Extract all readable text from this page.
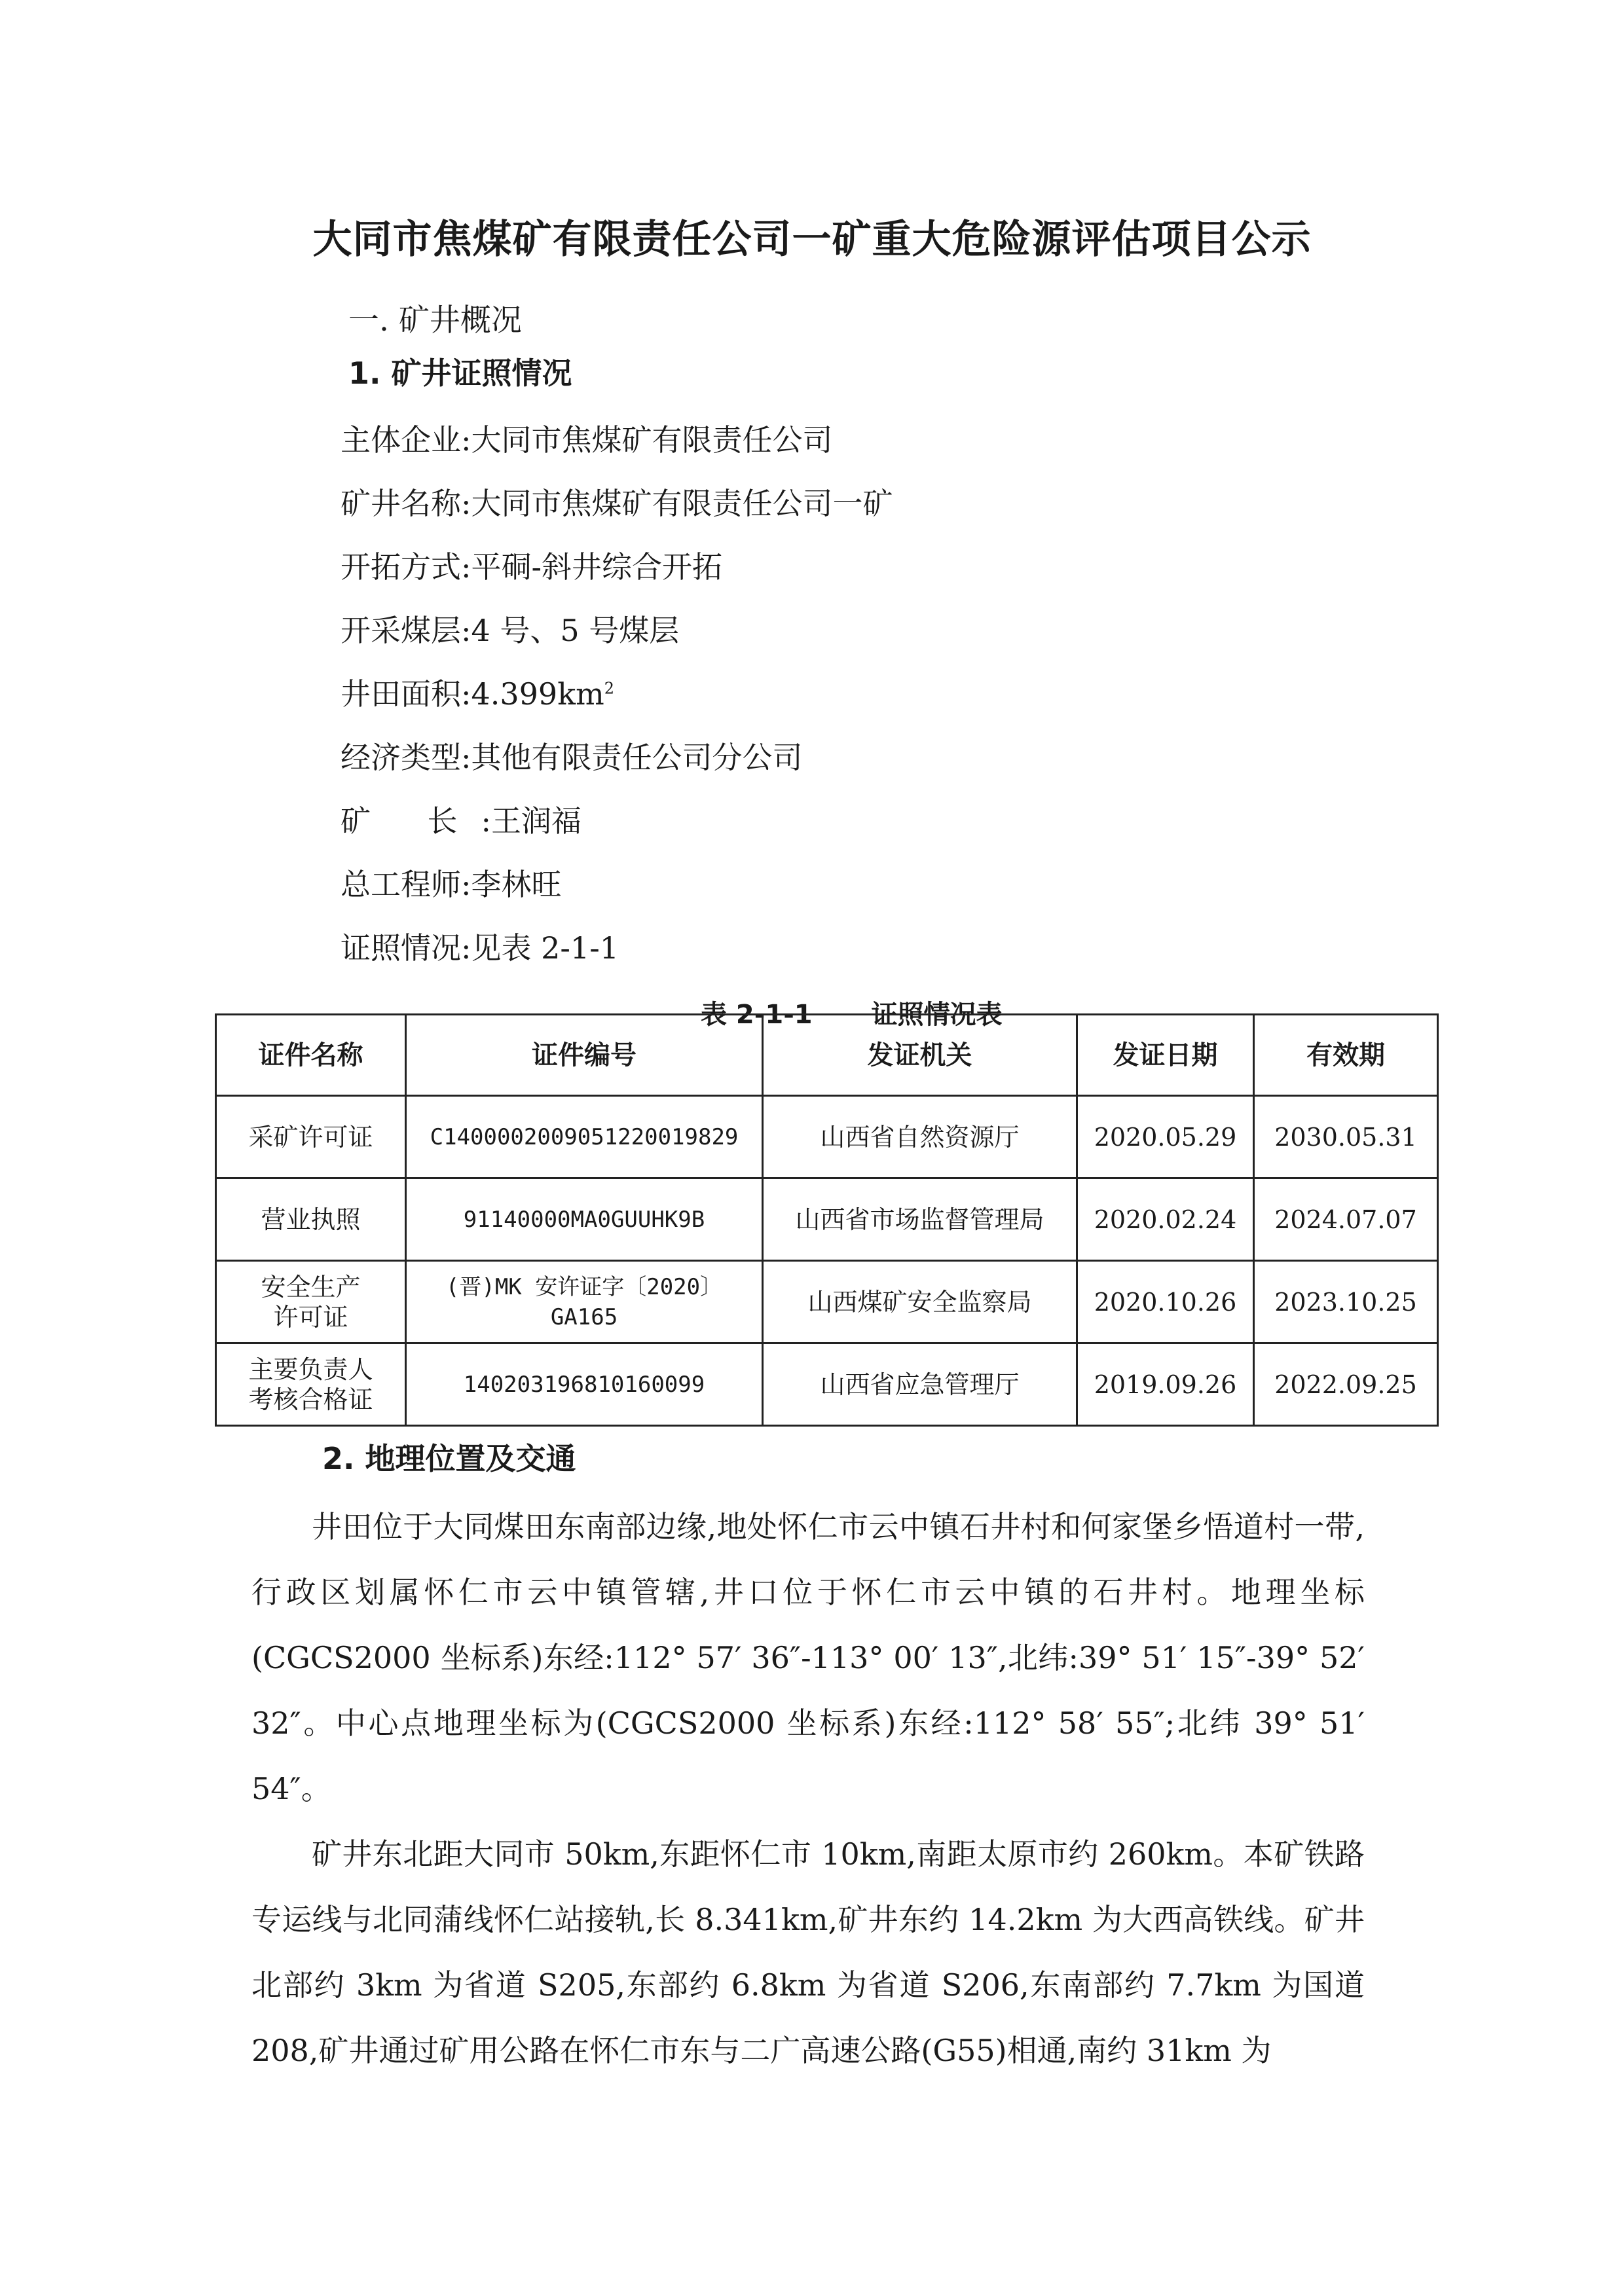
大同市焦煤矿有限责任公司一矿重大危险源评估项目公示
一. 矿井概况
1. 矿井证照情况
主体企业:大同市焦煤矿有限责任公司
矿井名称:大同市焦煤矿有限责任公司一矿
开拓方式:平硐-斜井综合开拓
开采煤层:4 号、5 号煤层
井田面积$:4.399km^2$
经济类型:其他有限责任公司分公司
矿 长:王润福
总工程师:李林旺
证照情况:见表 2-1-1
表 2-1-1 证照情况表
证件名称	证件编号	发证机关	发证日期	有效期
采矿许可证	C1400002009051220019829	山西省自然资源厅	2020.05.29	2030.05.31
营业执照	91140000MA0GUUHK9B	山西省市场监督管理局	2020.02.24	2024.07.07
安全生产许可证	(晋)MK 安许证字〔2020〕GA165	山西煤矿安全监察局	2020.10.26	2023.10.25
主要负责人考核合格证	140203196810160099	山西省应急管理厅	2019.09.26	2022.09.25
2. 地理位置及交通

井田位于大同煤田东南部边缘,地处怀仁市云中镇石井村和何家堡乡悟道村一带,行政区划属怀仁市云中镇管辖,井口位于怀仁市云中镇的石井村。地理坐标(CGCS2000 坐标系)东经:112° 57′ 36″-113° 00′ 13″,北纬:39° 51′ 15″-39° 52′ 32″。中心点地理坐标为(CGCS2000 坐标系)东经:112° 58′ 55″;北纬 39° 51′ 54″。

矿井东北距大同市 50km,东距怀仁市 10km,南距太原市约 260km。本矿铁路专运线与北同蒲线怀仁站接轨,长 8.341km,矿井东约 14.2km 为大西高铁线。矿井北部约 3km 为省道 S205,东部约 6.8km 为省道 S206,东南部约 7.7km 为国道 208,矿井通过矿用公路在怀仁市东与二广高速公路(G55)相通,南约 31km 为
